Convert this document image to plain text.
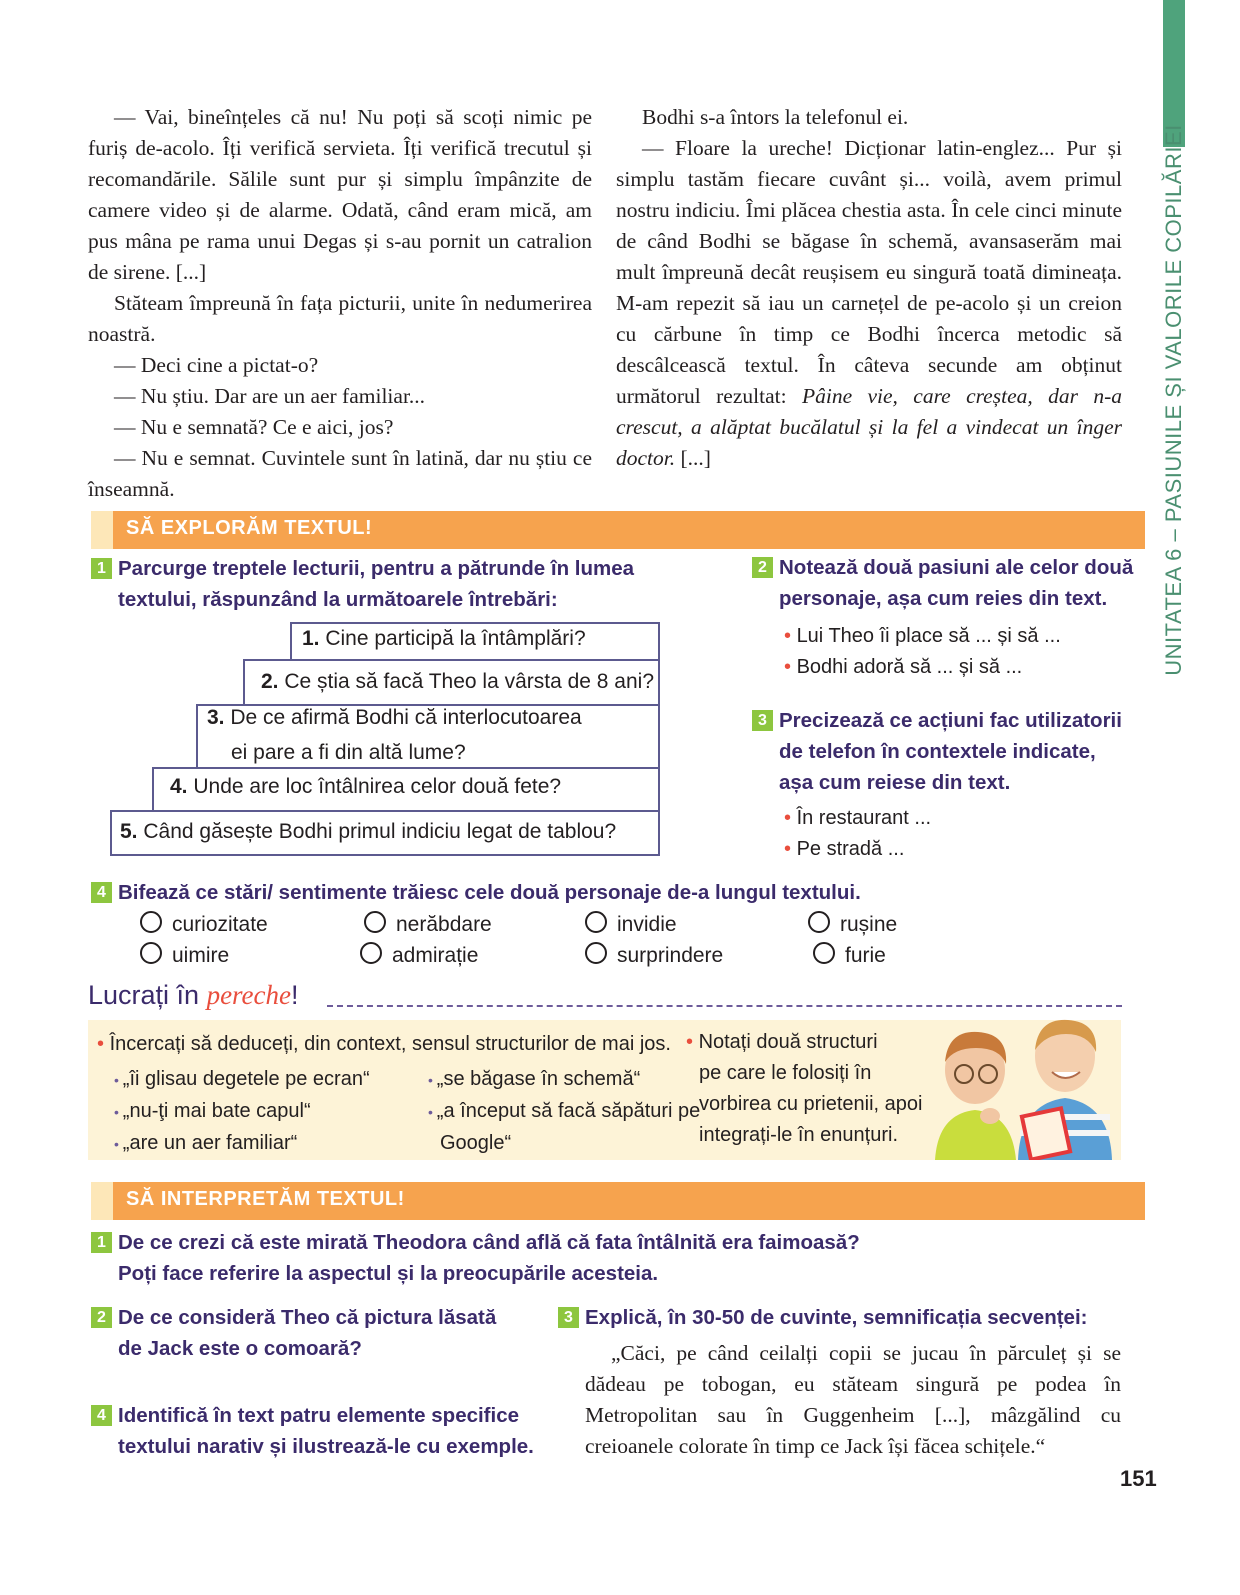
UNITATEA 6 – PASIUNILE ȘI VALORILE COPILĂRIEI

— Vai, bineînțeles că nu! Nu poți să scoți nimic pe furiș de-acolo. Îți verifică servieta. Îți verifică trecutul și recomandările. Sălile sunt pur și simplu împânzite de camere video și de alarme. Odată, când eram mică, am pus mâna pe rama unui Degas și s-au pornit un catralion de sirene. [...]

Stăteam împreună în fața picturii, unite în nedumerirea noastră.

— Deci cine a pictat-o?

— Nu știu. Dar are un aer familiar...

— Nu e semnată? Ce e aici, jos?

— Nu e semnat. Cuvintele sunt în latină, dar nu știu ce înseamnă.

Bodhi s-a întors la telefonul ei.

— Floare la ureche! Dicționar latin-englez... Pur și simplu tastăm fiecare cuvânt și... voilà, avem primul nostru indiciu. Îmi plăcea chestia asta. În cele cinci minute de când Bodhi se băgase în schemă, avansaserăm mai mult împreună decât reușisem eu singură toată dimineața. M-am repezit să iau un carnețel de pe-acolo și un creion cu cărbune în timp ce Bodhi încerca metodic să descâlcească textul. În câteva secunde am obținut următorul rezultat: Pâine vie, care creștea, dar n-a crescut, a alăptat bucălatul și la fel a vindecat un înger doctor. [...]

SĂ EXPLORĂM TEXTUL!
1 Parcurge treptele lecturii, pentru a pătrunde în lumea
textului, răspunzând la următoarele întrebări:
1. Cine participă la întâmplări?
2. Ce știa să facă Theo la vârsta de 8 ani?
3. De ce afirmă Bodhi că interlocutoarea
ei pare a fi din altă lume?
4. Unde are loc întâlnirea celor două fete?
5. Când găsește Bodhi primul indiciu legat de tablou?
2 Notează două pasiuni ale celor două
personaje, așa cum reies din text.
• Lui Theo îi place să ... și să ...
• Bodhi adoră să ... și să ...
3 Precizează ce acțiuni fac utilizatorii
de telefon în contextele indicate,
așa cum reiese din text.
• În restaurant ...
• Pe stradă ...
4 Bifează ce stări/ sentimente trăiesc cele două personaje de-a lungul textului.
curiozitate	nerăbdare	invidie	rușine
uimire	admirație	surprindere	furie
Lucrați în pereche!
• Încercați să deduceți, din context, sensul structurilor de mai jos.
• „îi glisau degetele pe ecran“
• „nu-ţi mai bate capul“
• „are un aer familiar“
• „se băgase în schemă“
• „a început să facă săpături pe
Google“
• Notați două structuri
pe care le folosiți în
vorbirea cu prietenii, apoi
integrați-le în enunțuri.
SĂ INTERPRETĂM TEXTUL!
1 De ce crezi că este mirată Theodora când află că fata întâlnită era faimoasă?
Poți face referire la aspectul și la preocupările acesteia.
2 De ce consideră Theo că pictura lăsată
de Jack este o comoară?
4 Identifică în text patru elemente specifice
textului narativ și ilustrează-le cu exemple.
3 Explică, în 30-50 de cuvinte, semnificația secvenței:
„Căci, pe când ceilalți copii se jucau în părculeț și se dădeau pe tobogan, eu stăteam singură pe podea în Metropolitan sau în Guggenheim [...], mâzgălind cu creioanele colorate în timp ce Jack își făcea schițele.“
151
